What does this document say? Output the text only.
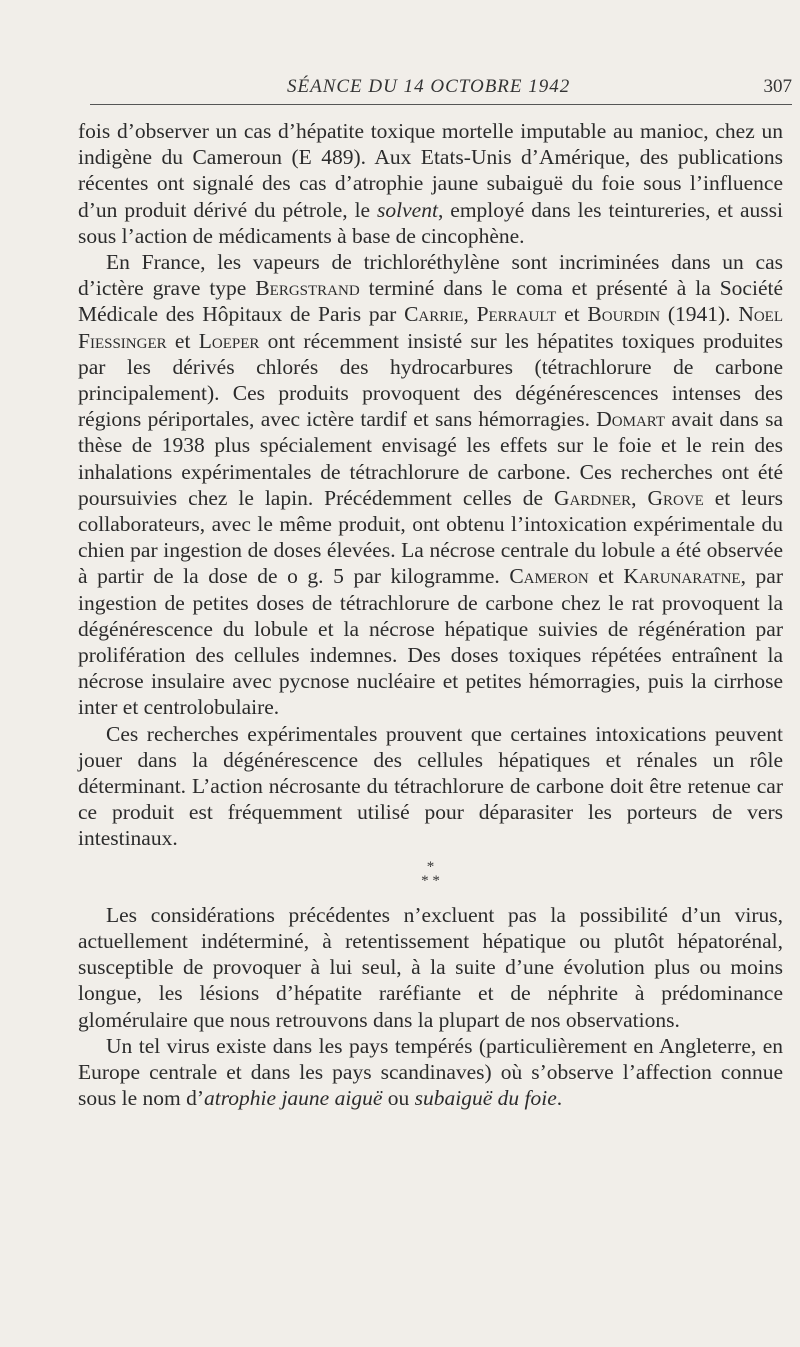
SÉANCE DU 14 OCTOBRE 1942	307

fois d’observer un cas d’hépatite toxique mortelle imputable au manioc, chez un indigène du Cameroun (E 489). Aux Etats-Unis d’Amérique, des publications récentes ont signalé des cas d’atrophie jaune subaiguë du foie sous l’influence d’un produit dérivé du pétrole, le solvent, employé dans les teintureries, et aussi sous l’action de médicaments à base de cincophène.

En France, les vapeurs de trichloréthylène sont incriminées dans un cas d’ictère grave type Bergstrand terminé dans le coma et présenté à la Société Médicale des Hôpitaux de Paris par Carrie, Perrault et Bourdin (1941). Noel Fiessinger et Loeper ont récemment insisté sur les hépatites toxiques produites par les dérivés chlorés des hydrocarbures (tétrachlorure de carbone principalement). Ces produits provoquent des dégénérescences intenses des régions périportales, avec ictère tardif et sans hémorragies. Domart avait dans sa thèse de 1938 plus spécialement envisagé les effets sur le foie et le rein des inhalations expérimentales de tétrachlorure de carbone. Ces recherches ont été poursuivies chez le lapin. Précédemment celles de Gardner, Grove et leurs collaborateurs, avec le même produit, ont obtenu l’intoxication expérimentale du chien par ingestion de doses élevées. La nécrose centrale du lobule a été observée à partir de la dose de o g. 5 par kilogramme. Cameron et Karunaratne, par ingestion de petites doses de tétrachlorure de carbone chez le rat provoquent la dégénérescence du lobule et la nécrose hépatique suivies de régénération par prolifération des cellules indemnes. Des doses toxiques répétées entraînent la nécrose insulaire avec pycnose nucléaire et petites hémorragies, puis la cirrhose inter et centrolobulaire.

Ces recherches expérimentales prouvent que certaines intoxications peuvent jouer dans la dégénérescence des cellules hépatiques et rénales un rôle déterminant. L’action nécrosante du tétrachlorure de carbone doit être retenue car ce produit est fréquemment utilisé pour déparasiter les porteurs de vers intestinaux.

*
* *

Les considérations précédentes n’excluent pas la possibilité d’un virus, actuellement indéterminé, à retentissement hépatique ou plutôt hépatorénal, susceptible de provoquer à lui seul, à la suite d’une évolution plus ou moins longue, les lésions d’hépatite raréfiante et de néphrite à prédominance glomérulaire que nous retrouvons dans la plupart de nos observations.

Un tel virus existe dans les pays tempérés (particulièrement en Angleterre, en Europe centrale et dans les pays scandinaves) où s’observe l’affection connue sous le nom d’atrophie jaune aiguë ou subaiguë du foie.
